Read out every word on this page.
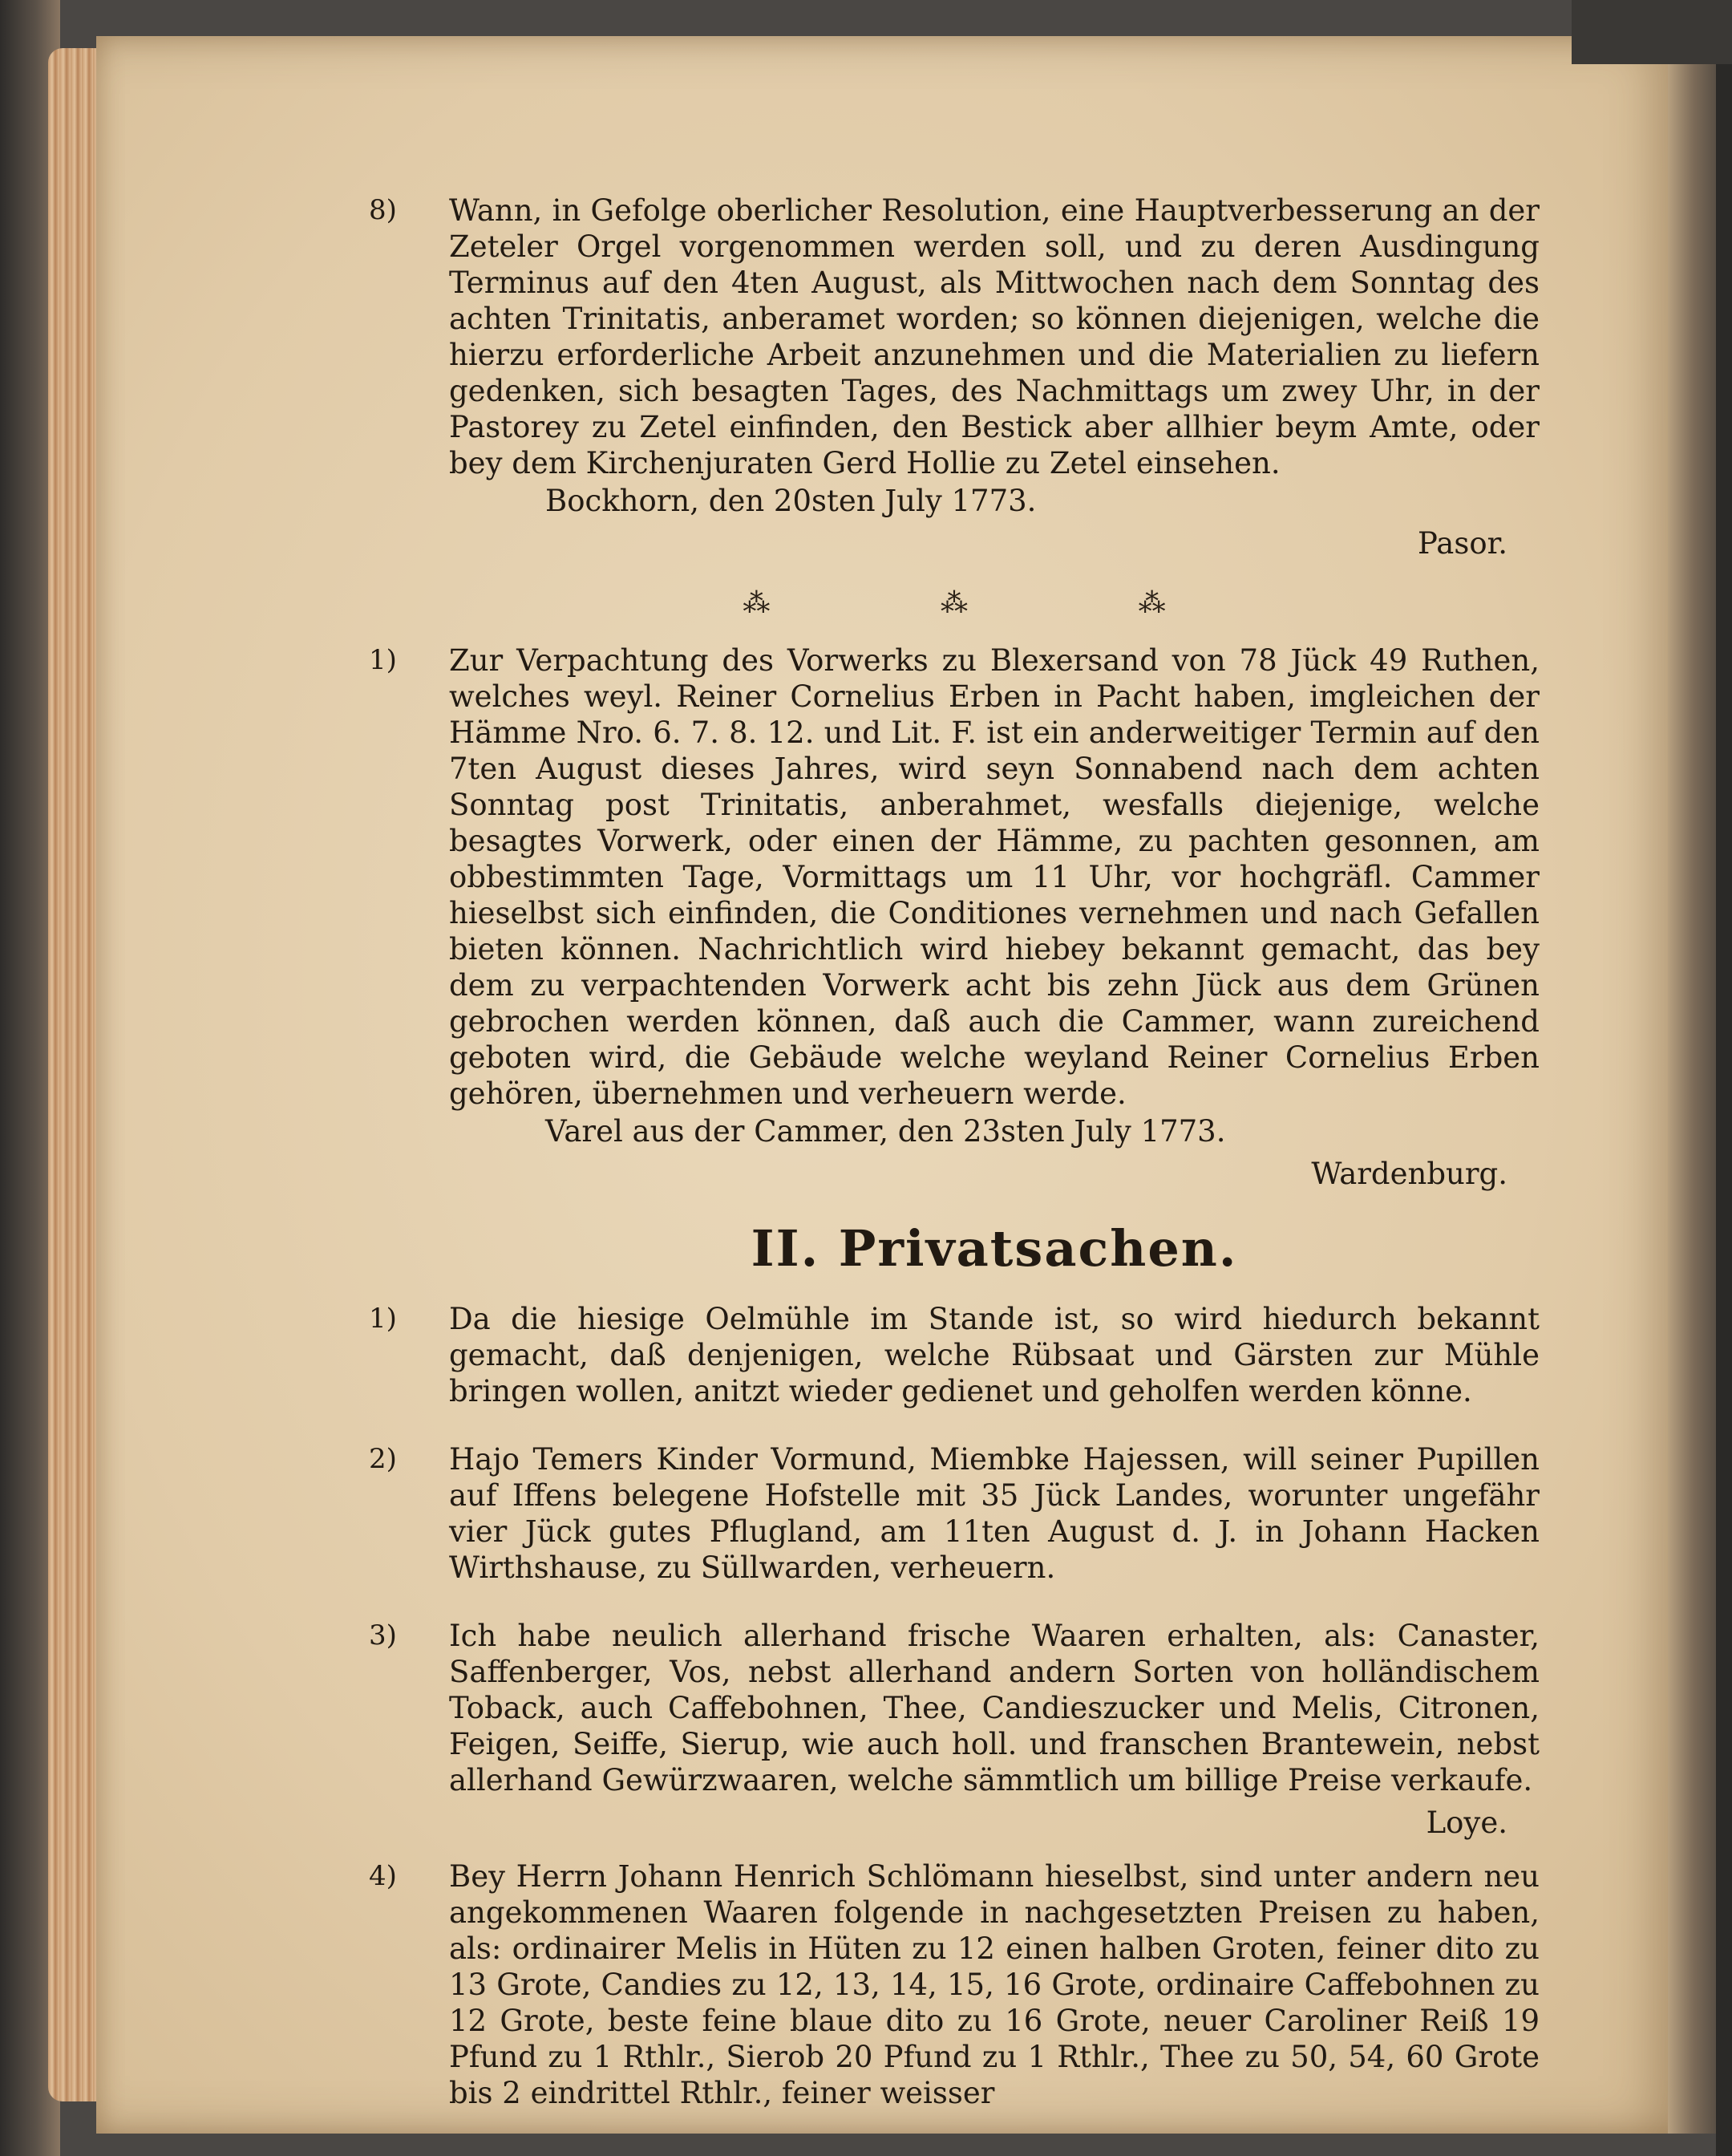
8)	Wann, in Gefolge oberlicher Resolution, eine Hauptverbesserung an der Zeteler Orgel vorgenommen werden soll, und zu deren Ausdingung Terminus auf den 4ten August, als Mittwochen nach dem Sonntag des achten Trinitatis, anberamet worden; so können diejenigen, welche die hierzu erforderliche Arbeit anzunehmen und die Materialien zu liefern gedenken, sich besagten Tages, des Nachmittags um zwey Uhr, in der Pastorey zu Zetel einfinden, den Bestick aber allhier beym Amte, oder bey dem Kirchenjuraten Gerd Hollie zu Zetel einsehen.
Bockhorn, den 20sten July 1773.
Pasor.
⁂	⁂	⁂
1)	Zur Verpachtung des Vorwerks zu Blexersand von 78 Jück 49 Ruthen, welches weyl. Reiner Cornelius Erben in Pacht haben, imgleichen der Hämme Nro. 6. 7. 8. 12. und Lit. F. ist ein anderweitiger Termin auf den 7ten August dieses Jahres, wird seyn Sonnabend nach dem achten Sonntag post Trinitatis, anberahmet, wesfalls diejenige, welche besagtes Vorwerk, oder einen der Hämme, zu pachten gesonnen, am obbestimmten Tage, Vormittags um 11 Uhr, vor hochgräfl. Cammer hieselbst sich einfinden, die Conditiones vernehmen und nach Gefallen bieten können. Nachrichtlich wird hiebey bekannt gemacht, das bey dem zu verpachtenden Vorwerk acht bis zehn Jück aus dem Grünen gebrochen werden können, daß auch die Cammer, wann zureichend geboten wird, die Gebäude welche weyland Reiner Cornelius Erben gehören, übernehmen und verheuern werde.
Varel aus der Cammer, den 23sten July 1773.
Wardenburg.
II. Privatsachen.
1)	Da die hiesige Oelmühle im Stande ist, so wird hiedurch bekannt gemacht, daß denjenigen, welche Rübsaat und Gärsten zur Mühle bringen wollen, anitzt wieder gedienet und geholfen werden könne.
2)	Hajo Temers Kinder Vormund, Miembke Hajessen, will seiner Pupillen auf Iffens belegene Hofstelle mit 35 Jück Landes, worunter ungefähr vier Jück gutes Pflugland, am 11ten August d. J. in Johann Hacken Wirthshause, zu Süllwarden, verheuern.
3)	Ich habe neulich allerhand frische Waaren erhalten, als: Canaster, Saffenberger, Vos, nebst allerhand andern Sorten von holländischem Toback, auch Caffebohnen, Thee, Candieszucker und Melis, Citronen, Feigen, Seiffe, Sierup, wie auch holl. und franschen Brantewein, nebst allerhand Gewürzwaaren, welche sämmtlich um billige Preise verkaufe.
Loye.
4)	Bey Herrn Johann Henrich Schlömann hieselbst, sind unter andern neu angekommenen Waaren folgende in nachgesetzten Preisen zu haben, als: ordinairer Melis in Hüten zu 12 einen halben Groten, feiner dito zu 13 Grote, Candies zu 12, 13, 14, 15, 16 Grote, ordinaire Caffebohnen zu 12 Grote, beste feine blaue dito zu 16 Grote, neuer Caroliner Reiß 19 Pfund zu 1 Rthlr., Sierob 20 Pfund zu 1 Rthlr., Thee zu 50, 54, 60 Grote bis 2 eindrittel Rthlr., feiner weisser
